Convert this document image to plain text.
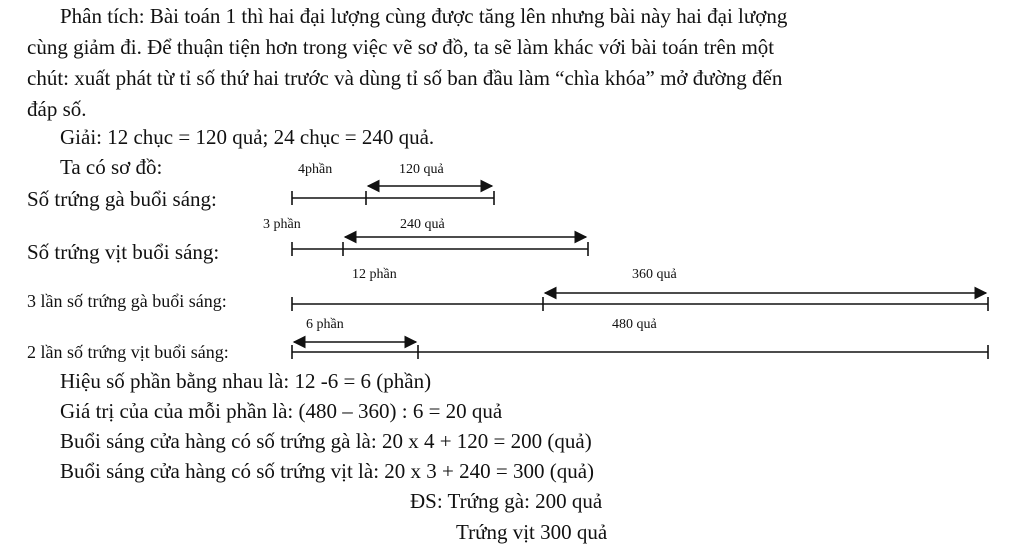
Phân tích: Bài toán 1 thì hai đại lượng cùng được tăng lên nhưng bài này hai đại lượng
cùng giảm đi. Để thuận tiện hơn trong việc vẽ sơ đồ, ta sẽ làm khác với bài toán trên một
chút: xuất phát từ tỉ số thứ hai trước và dùng tỉ số ban đầu làm “chìa khóa” mở đường đến
đáp số.
Giải: 12 chục = 120 quả; 24 chục = 240 quả.
Ta có sơ đồ:	4phần	120 quả
3 phần	240 quả
12 phần	360 quả
6 phần	480 quả
Số trứng gà buổi sáng:
Số trứng vịt buổi sáng:
3 lần số trứng gà buổi sáng:
2 lần số trứng vịt buổi sáng:
Hiệu số phần bằng nhau là: 12 -6 = 6 (phần)
Giá trị của của mỗi phần là: (480 – 360) : 6 = 20 quả
Buổi sáng cửa hàng có số trứng gà là: 20 x 4 + 120 = 200 (quả)
Buổi sáng cửa hàng có số trứng vịt là: 20 x 3 + 240 = 300 (quả)
ĐS: Trứng gà: 200 quả
Trứng vịt 300 quả
